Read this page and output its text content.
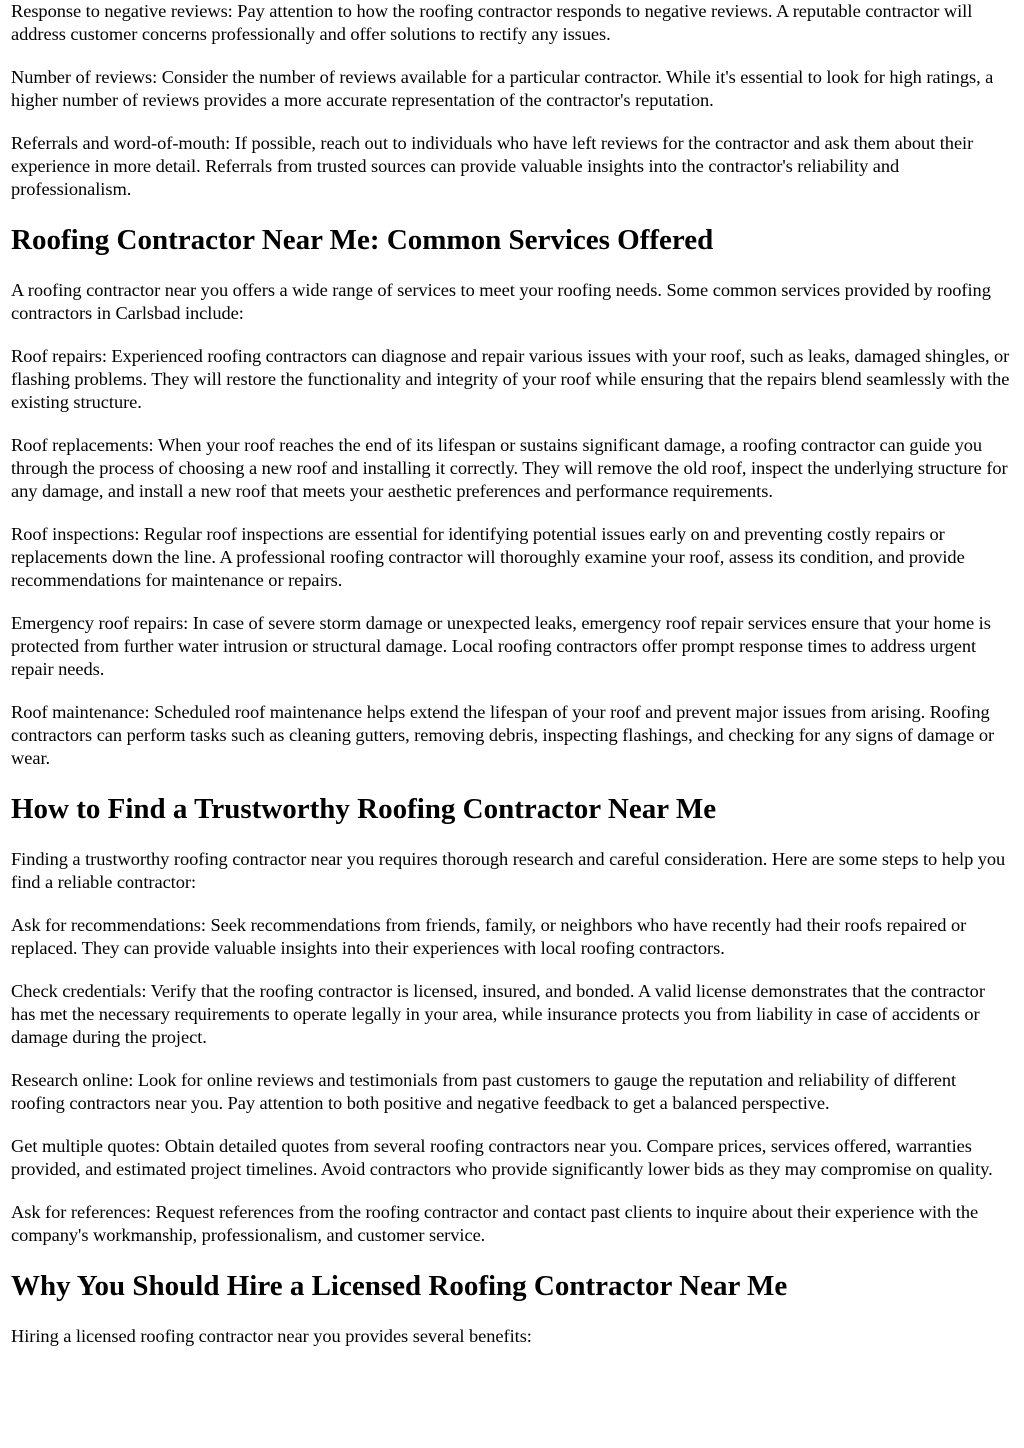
Response to negative reviews: Pay attention to how the roofing contractor responds to negative reviews. A reputable contractor will address customer concerns professionally and offer solutions to rectify any issues.

Number of reviews: Consider the number of reviews available for a particular contractor. While it's essential to look for high ratings, a higher number of reviews provides a more accurate representation of the contractor's reputation.

Referrals and word-of-mouth: If possible, reach out to individuals who have left reviews for the contractor and ask them about their experience in more detail. Referrals from trusted sources can provide valuable insights into the contractor's reliability and professionalism.

Roofing Contractor Near Me: Common Services Offered

A roofing contractor near you offers a wide range of services to meet your roofing needs. Some common services provided by roofing contractors in Carlsbad include:

Roof repairs: Experienced roofing contractors can diagnose and repair various issues with your roof, such as leaks, damaged shingles, or flashing problems. They will restore the functionality and integrity of your roof while ensuring that the repairs blend seamlessly with the existing structure.

Roof replacements: When your roof reaches the end of its lifespan or sustains significant damage, a roofing contractor can guide you through the process of choosing a new roof and installing it correctly. They will remove the old roof, inspect the underlying structure for any damage, and install a new roof that meets your aesthetic preferences and performance requirements.

Roof inspections: Regular roof inspections are essential for identifying potential issues early on and preventing costly repairs or replacements down the line. A professional roofing contractor will thoroughly examine your roof, assess its condition, and provide recommendations for maintenance or repairs.

Emergency roof repairs: In case of severe storm damage or unexpected leaks, emergency roof repair services ensure that your home is protected from further water intrusion or structural damage. Local roofing contractors offer prompt response times to address urgent repair needs.

Roof maintenance: Scheduled roof maintenance helps extend the lifespan of your roof and prevent major issues from arising. Roofing contractors can perform tasks such as cleaning gutters, removing debris, inspecting flashings, and checking for any signs of damage or wear.

How to Find a Trustworthy Roofing Contractor Near Me

Finding a trustworthy roofing contractor near you requires thorough research and careful consideration. Here are some steps to help you find a reliable contractor:

Ask for recommendations: Seek recommendations from friends, family, or neighbors who have recently had their roofs repaired or replaced. They can provide valuable insights into their experiences with local roofing contractors.

Check credentials: Verify that the roofing contractor is licensed, insured, and bonded. A valid license demonstrates that the contractor has met the necessary requirements to operate legally in your area, while insurance protects you from liability in case of accidents or damage during the project.

Research online: Look for online reviews and testimonials from past customers to gauge the reputation and reliability of different roofing contractors near you. Pay attention to both positive and negative feedback to get a balanced perspective.

Get multiple quotes: Obtain detailed quotes from several roofing contractors near you. Compare prices, services offered, warranties provided, and estimated project timelines. Avoid contractors who provide significantly lower bids as they may compromise on quality.

Ask for references: Request references from the roofing contractor and contact past clients to inquire about their experience with the company's workmanship, professionalism, and customer service.

Why You Should Hire a Licensed Roofing Contractor Near Me

Hiring a licensed roofing contractor near you provides several benefits:
